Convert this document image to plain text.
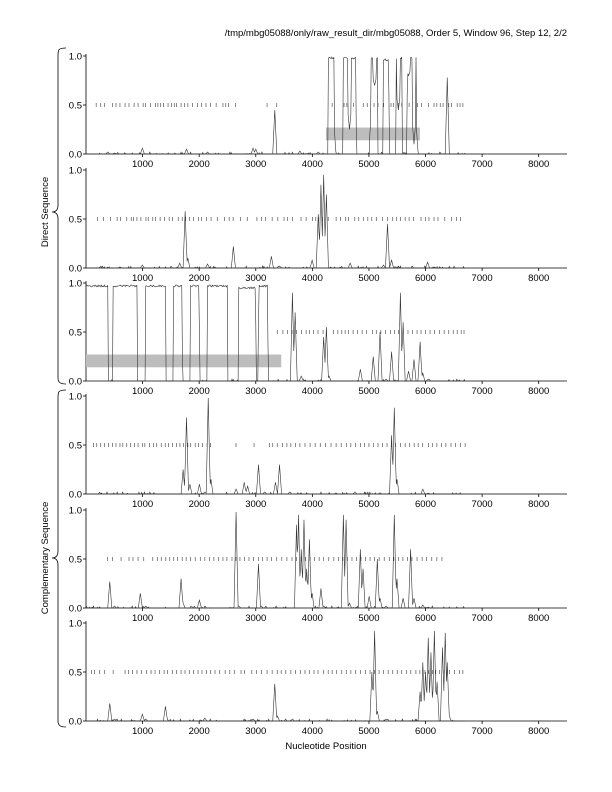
/tmp/mbg05088/only/raw_result_dir/mbg05088, Order 5, Window 96, Step 12, 2/2
0.0
0.5
1.0
1000	2000	3000	4000	5000	6000	7000	8000
0.0
0.5
1.0
1000	2000	3000	4000	5000	6000	7000	8000
0.0
0.5
1.0
1000	2000	3000	4000	5000	6000	7000	8000
0.0
0.5
1.0
1000	2000	3000	4000	5000	6000	7000	8000
0.0
0.5
1.0
1000	2000	3000	4000	5000	6000	7000	8000
0.0
0.5
1.0
1000	2000	3000	4000	5000	6000	7000	8000
Nucleotide Position
Direct Sequence
Complementary Sequence
